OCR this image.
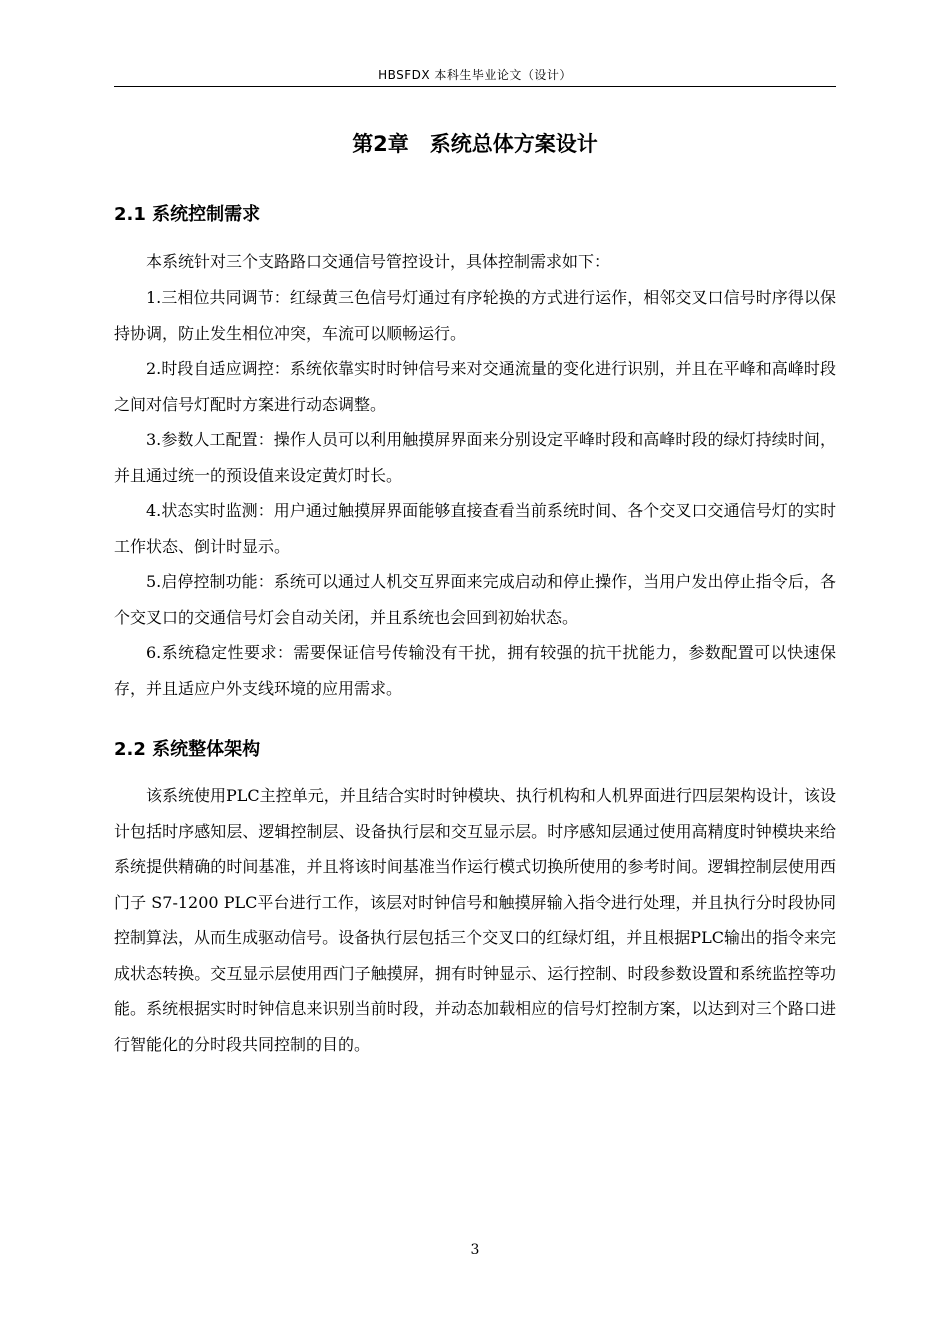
HBSFDX 本科生毕业论文（设计）
第2章　系统总体方案设计
2.1 系统控制需求

本系统针对三个支路路口交通信号管控设计，具体控制需求如下：

1.三相位共同调节：红绿黄三色信号灯通过有序轮换的方式进行运作，相邻交叉口信号时序得以保持协调，防止发生相位冲突，车流可以顺畅运行。

2.时段自适应调控：系统依靠实时时钟信号来对交通流量的变化进行识别，并且在平峰和高峰时段之间对信号灯配时方案进行动态调整。

3.参数人工配置：操作人员可以利用触摸屏界面来分别设定平峰时段和高峰时段的绿灯持续时间，并且通过统一的预设值来设定黄灯时长。

4.状态实时监测：用户通过触摸屏界面能够直接查看当前系统时间、各个交叉口交通信号灯的实时工作状态、倒计时显示。

5.启停控制功能：系统可以通过人机交互界面来完成启动和停止操作，当用户发出停止指令后，各个交叉口的交通信号灯会自动关闭，并且系统也会回到初始状态。

6.系统稳定性要求：需要保证信号传输没有干扰，拥有较强的抗干扰能力，参数配置可以快速保存，并且适应户外支线环境的应用需求。

2.2 系统整体架构

该系统使用PLC主控单元，并且结合实时时钟模块、执行机构和人机界面进行四层架构设计，该设计包括时序感知层、逻辑控制层、设备执行层和交互显示层。时序感知层通过使用高精度时钟模块来给系统提供精确的时间基准，并且将该时间基准当作运行模式切换所使用的参考时间。逻辑控制层使用西门子 S7-1200 PLC平台进行工作，该层对时钟信号和触摸屏输入指令进行处理，并且执行分时段协同控制算法，从而生成驱动信号。设备执行层包括三个交叉口的红绿灯组，并且根据PLC输出的指令来完成状态转换。交互显示层使用西门子触摸屏，拥有时钟显示、运行控制、时段参数设置和系统监控等功能。系统根据实时时钟信息来识别当前时段，并动态加载相应的信号灯控制方案，以达到对三个路口进行智能化的分时段共同控制的目的。

3
